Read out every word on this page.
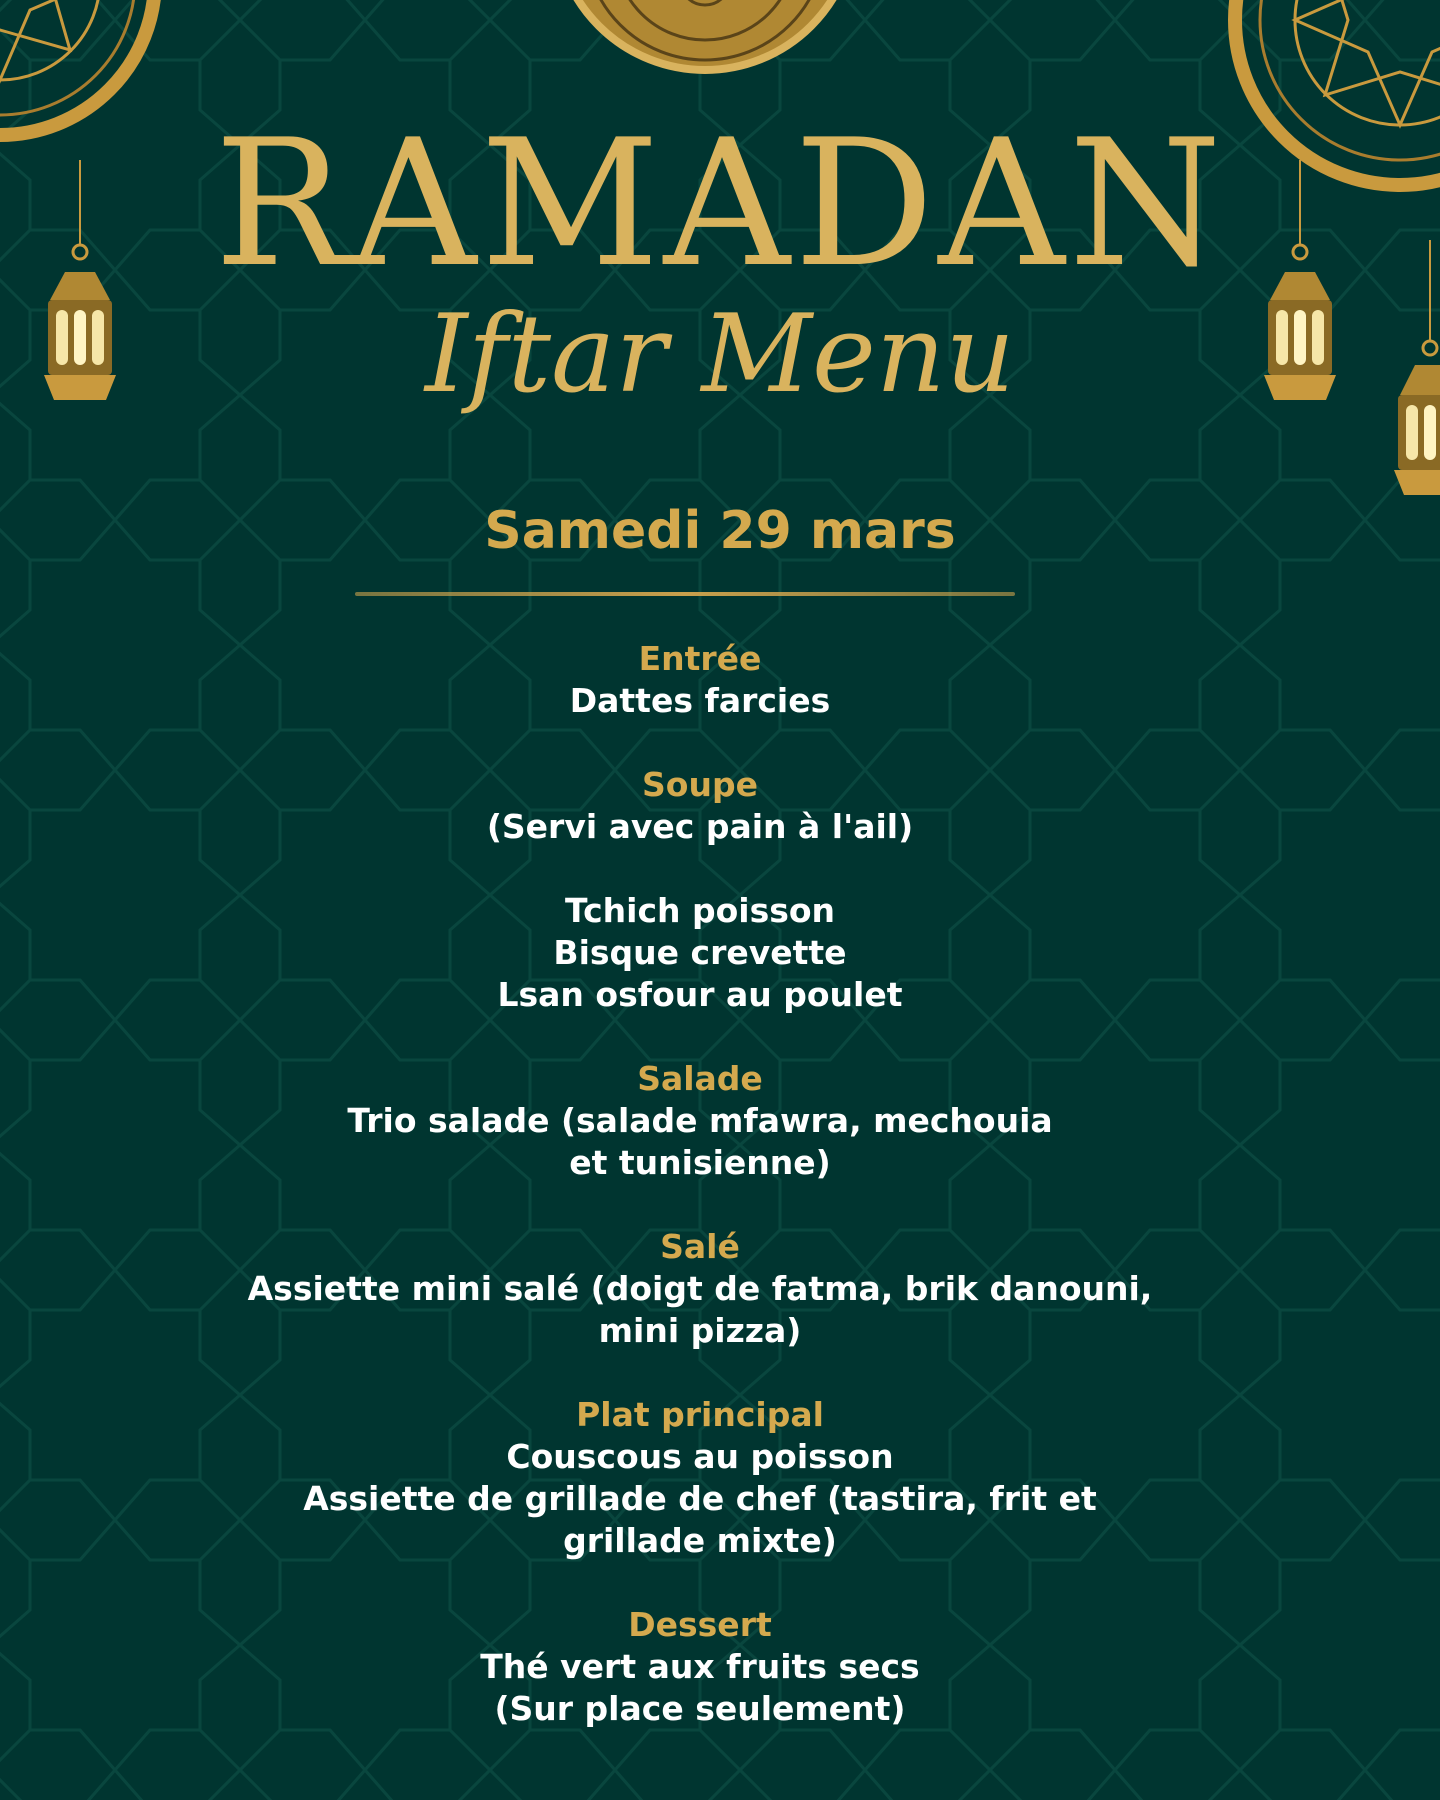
RAMADAN
Iftar Menu
Samedi 29 mars
Entrée
Dattes farcies
Soupe
(Servi avec pain à l'ail)
Tchich poisson
Bisque crevette
Lsan osfour au poulet
Salade
Trio salade (salade mfawra, mechouia
et tunisienne)
Salé
Assiette mini salé (doigt de fatma, brik danouni,
mini pizza)
Plat principal
Couscous au poisson
Assiette de grillade de chef (tastira, frit et
grillade mixte)
Dessert
Thé vert aux fruits secs
(Sur place seulement)
